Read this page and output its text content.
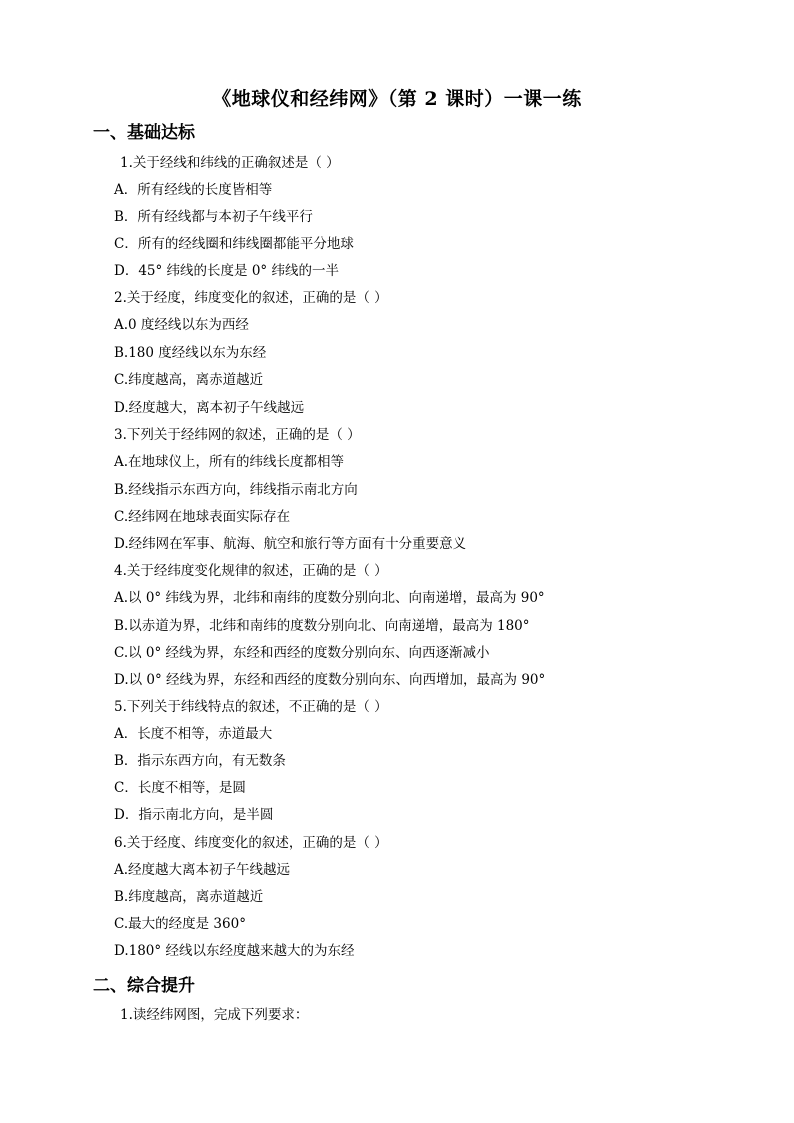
《地球仪和经纬网》（第 2 课时）一课一练
一、基础达标
1.关于经线和纬线的正确叙述是（ ）
A．所有经线的长度皆相等
B．所有经线都与本初子午线平行
C．所有的经线圈和纬线圈都能平分地球
D．45° 纬线的长度是 0° 纬线的一半
2.关于经度，纬度变化的叙述，正确的是（ ）
A.0 度经线以东为西经
B.180 度经线以东为东经
C.纬度越高，离赤道越近
D.经度越大，离本初子午线越远
3.下列关于经纬网的叙述，正确的是（ ）
A.在地球仪上，所有的纬线长度都相等
B.经线指示东西方向，纬线指示南北方向
C.经纬网在地球表面实际存在
D.经纬网在军事、航海、航空和旅行等方面有十分重要意义
4.关于经纬度变化规律的叙述，正确的是（ ）
A.以 0° 纬线为界，北纬和南纬的度数分别向北、向南递增，最高为 90°
B.以赤道为界，北纬和南纬的度数分别向北、向南递增，最高为 180°
C.以 0° 经线为界，东经和西经的度数分别向东、向西逐渐减小
D.以 0° 经线为界，东经和西经的度数分别向东、向西增加，最高为 90°
5.下列关于纬线特点的叙述，不正确的是（ ）
A．长度不相等，赤道最大
B．指示东西方向，有无数条
C．长度不相等，是圆
D．指示南北方向，是半圆
6.关于经度、纬度变化的叙述，正确的是（ ）
A.经度越大离本初子午线越远
B.纬度越高，离赤道越近
C.最大的经度是 360°
D.180° 经线以东经度越来越大的为东经
二、综合提升
1.读经纬网图，完成下列要求：
